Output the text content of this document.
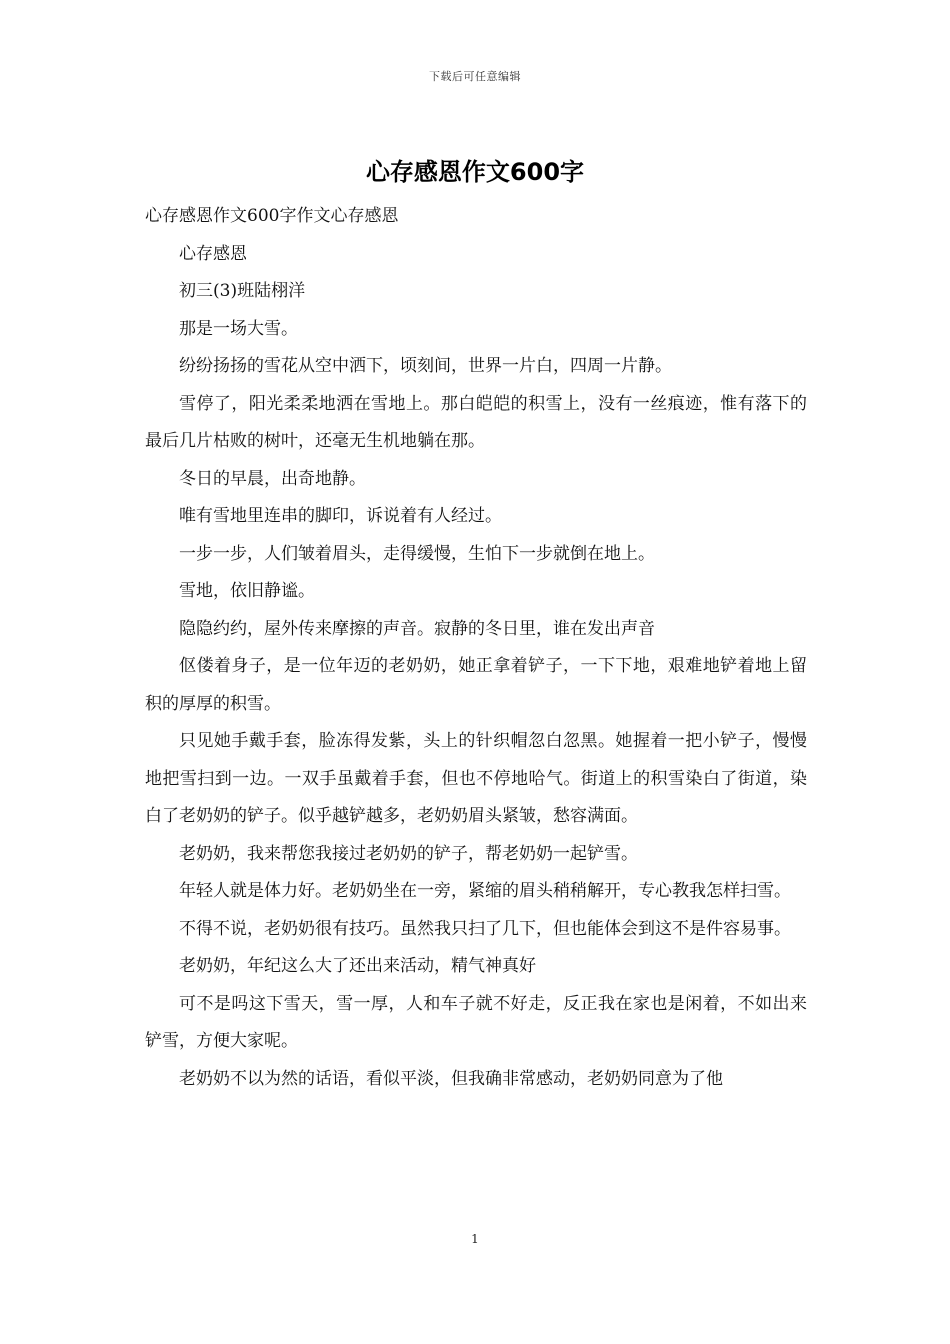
下载后可任意编辑
心存感恩作文600字

心存感恩作文600字作文心存感恩

心存感恩

初三(3)班陆栩洋

那是一场大雪。

纷纷扬扬的雪花从空中洒下，顷刻间，世界一片白，四周一片静。

雪停了，阳光柔柔地洒在雪地上。那白皑皑的积雪上，没有一丝痕迹，惟有落下的最后几片枯败的树叶，还毫无生机地躺在那。

冬日的早晨，出奇地静。

唯有雪地里连串的脚印，诉说着有人经过。

一步一步，人们皱着眉头，走得缓慢，生怕下一步就倒在地上。

雪地，依旧静谧。

隐隐约约，屋外传来摩擦的声音。寂静的冬日里，谁在发出声音

伛偻着身子，是一位年迈的老奶奶，她正拿着铲子，一下下地，艰难地铲着地上留积的厚厚的积雪。

只见她手戴手套，脸冻得发紫，头上的针织帽忽白忽黑。她握着一把小铲子，慢慢地把雪扫到一边。一双手虽戴着手套，但也不停地哈气。街道上的积雪染白了街道，染白了老奶奶的铲子。似乎越铲越多，老奶奶眉头紧皱，愁容满面。

老奶奶，我来帮您我接过老奶奶的铲子，帮老奶奶一起铲雪。

年轻人就是体力好。老奶奶坐在一旁，紧缩的眉头稍稍解开，专心教我怎样扫雪。

不得不说，老奶奶很有技巧。虽然我只扫了几下，但也能体会到这不是件容易事。

老奶奶，年纪这么大了还出来活动，精气神真好

可不是吗这下雪天，雪一厚，人和车子就不好走，反正我在家也是闲着，不如出来铲雪，方便大家呢。

老奶奶不以为然的话语，看似平淡，但我确非常感动，老奶奶同意为了他

1
